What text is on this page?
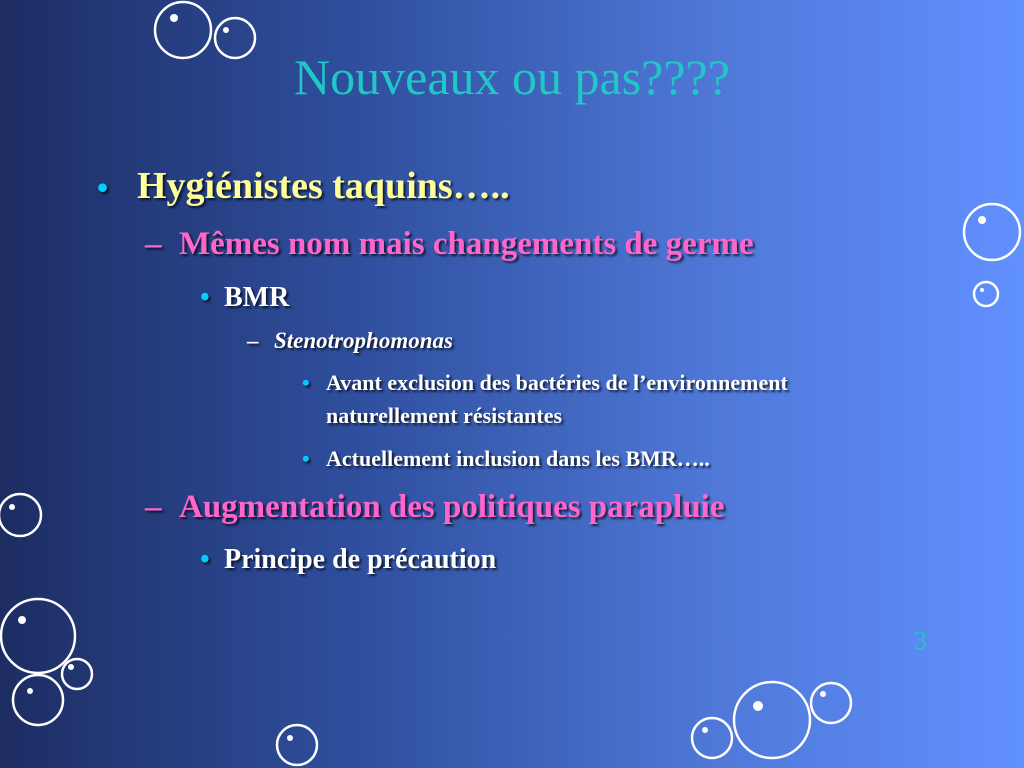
Nouveaux ou pas????
• Hygiénistes taquins…..
– Mêmes nom mais changements de germe
• BMR
– Stenotrophomonas
• Avant exclusion des bactéries de l’environnement
naturellement résistantes
• Actuellement inclusion dans les BMR…..
– Augmentation des politiques parapluie
• Principe de précaution
3
